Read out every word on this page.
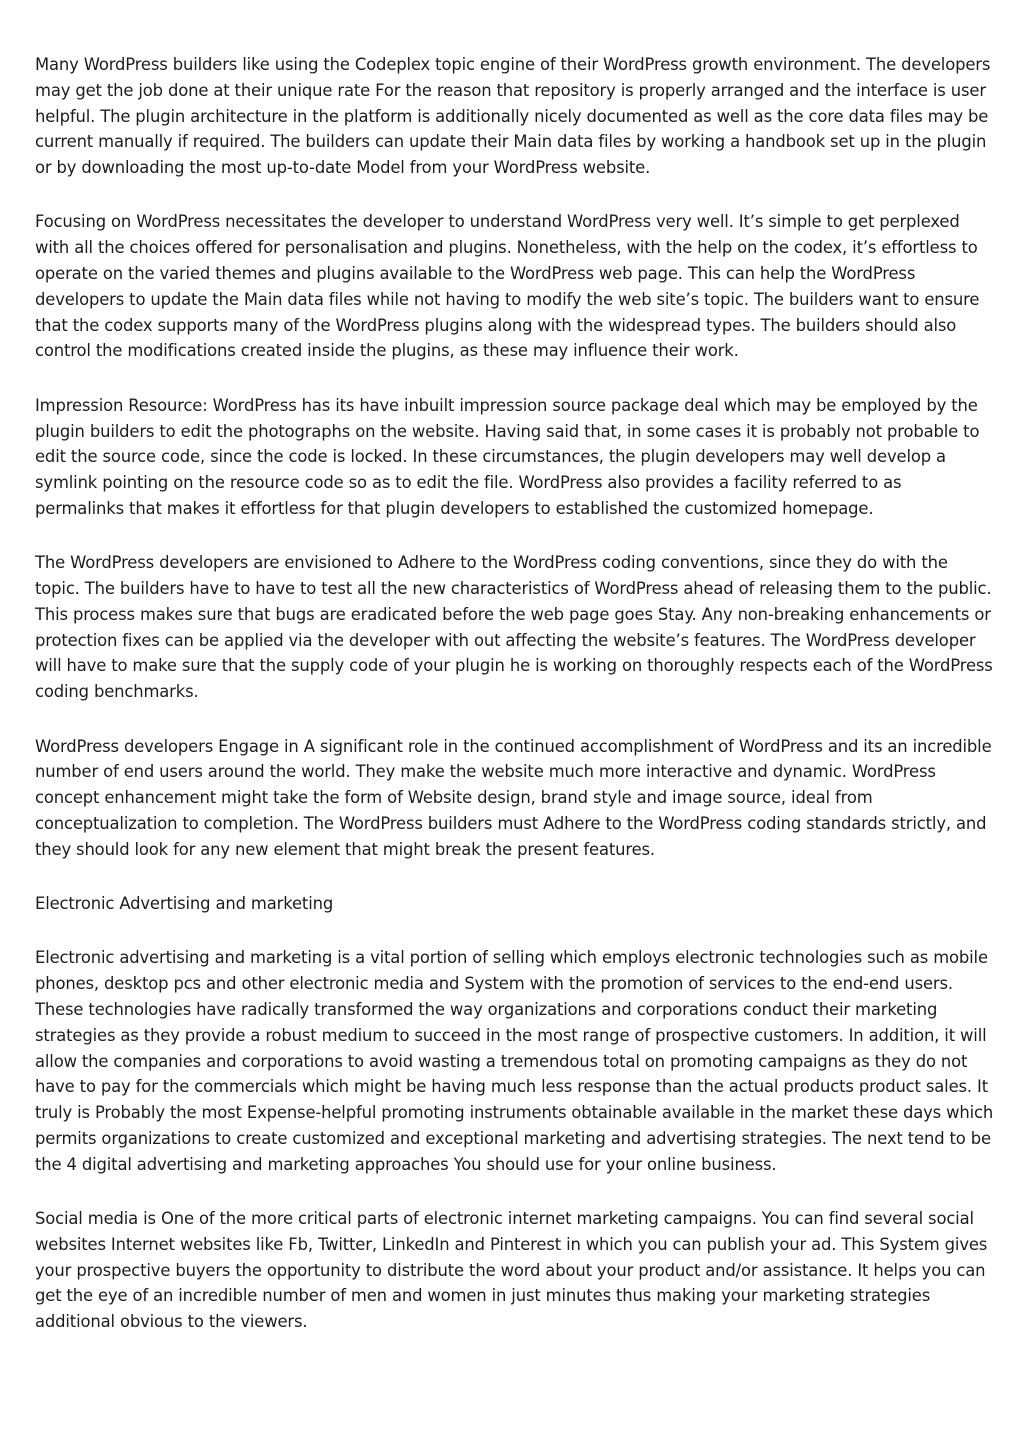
Many WordPress builders like using the Codeplex topic engine of their WordPress growth environment. The developers may get the job done at their unique rate For the reason that repository is properly arranged and the interface is user helpful. The plugin architecture in the platform is additionally nicely documented as well as the core data files may be current manually if required. The builders can update their Main data files by working a handbook set up in the plugin or by downloading the most up-to-date Model from your WordPress website.

Focusing on WordPress necessitates the developer to understand WordPress very well. It’s simple to get perplexed with all the choices offered for personalisation and plugins. Nonetheless, with the help on the codex, it’s effortless to operate on the varied themes and plugins available to the WordPress web page. This can help the WordPress developers to update the Main data files while not having to modify the web site’s topic. The builders want to ensure that the codex supports many of the WordPress plugins along with the widespread types. The builders should also control the modifications created inside the plugins, as these may influence their work.

Impression Resource: WordPress has its have inbuilt impression source package deal which may be employed by the plugin builders to edit the photographs on the website. Having said that, in some cases it is probably not probable to edit the source code, since the code is locked. In these circumstances, the plugin developers may well develop a symlink pointing on the resource code so as to edit the file. WordPress also provides a facility referred to as permalinks that makes it effortless for that plugin developers to established the customized homepage.

The WordPress developers are envisioned to Adhere to the WordPress coding conventions, since they do with the topic. The builders have to have to test all the new characteristics of WordPress ahead of releasing them to the public. This process makes sure that bugs are eradicated before the web page goes Stay. Any non-breaking enhancements or protection fixes can be applied via the developer with out affecting the website’s features. The WordPress developer will have to make sure that the supply code of your plugin he is working on thoroughly respects each of the WordPress coding benchmarks.

WordPress developers Engage in A significant role in the continued accomplishment of WordPress and its an incredible number of end users around the world. They make the website much more interactive and dynamic. WordPress concept enhancement might take the form of Website design, brand style and image source, ideal from conceptualization to completion. The WordPress builders must Adhere to the WordPress coding standards strictly, and they should look for any new element that might break the present features.

Electronic Advertising and marketing

Electronic advertising and marketing is a vital portion of selling which employs electronic technologies such as mobile phones, desktop pcs and other electronic media and System with the promotion of services to the end-end users. These technologies have radically transformed the way organizations and corporations conduct their marketing strategies as they provide a robust medium to succeed in the most range of prospective customers. In addition, it will allow the companies and corporations to avoid wasting a tremendous total on promoting campaigns as they do not have to pay for the commercials which might be having much less response than the actual products product sales. It truly is Probably the most Expense-helpful promoting instruments obtainable available in the market these days which permits organizations to create customized and exceptional marketing and advertising strategies. The next tend to be the 4 digital advertising and marketing approaches You should use for your online business.

Social media is One of the more critical parts of electronic internet marketing campaigns. You can find several social websites Internet websites like Fb, Twitter, LinkedIn and Pinterest in which you can publish your ad. This System gives your prospective buyers the opportunity to distribute the word about your product and/or assistance. It helps you can get the eye of an incredible number of men and women in just minutes thus making your marketing strategies additional obvious to the viewers.
